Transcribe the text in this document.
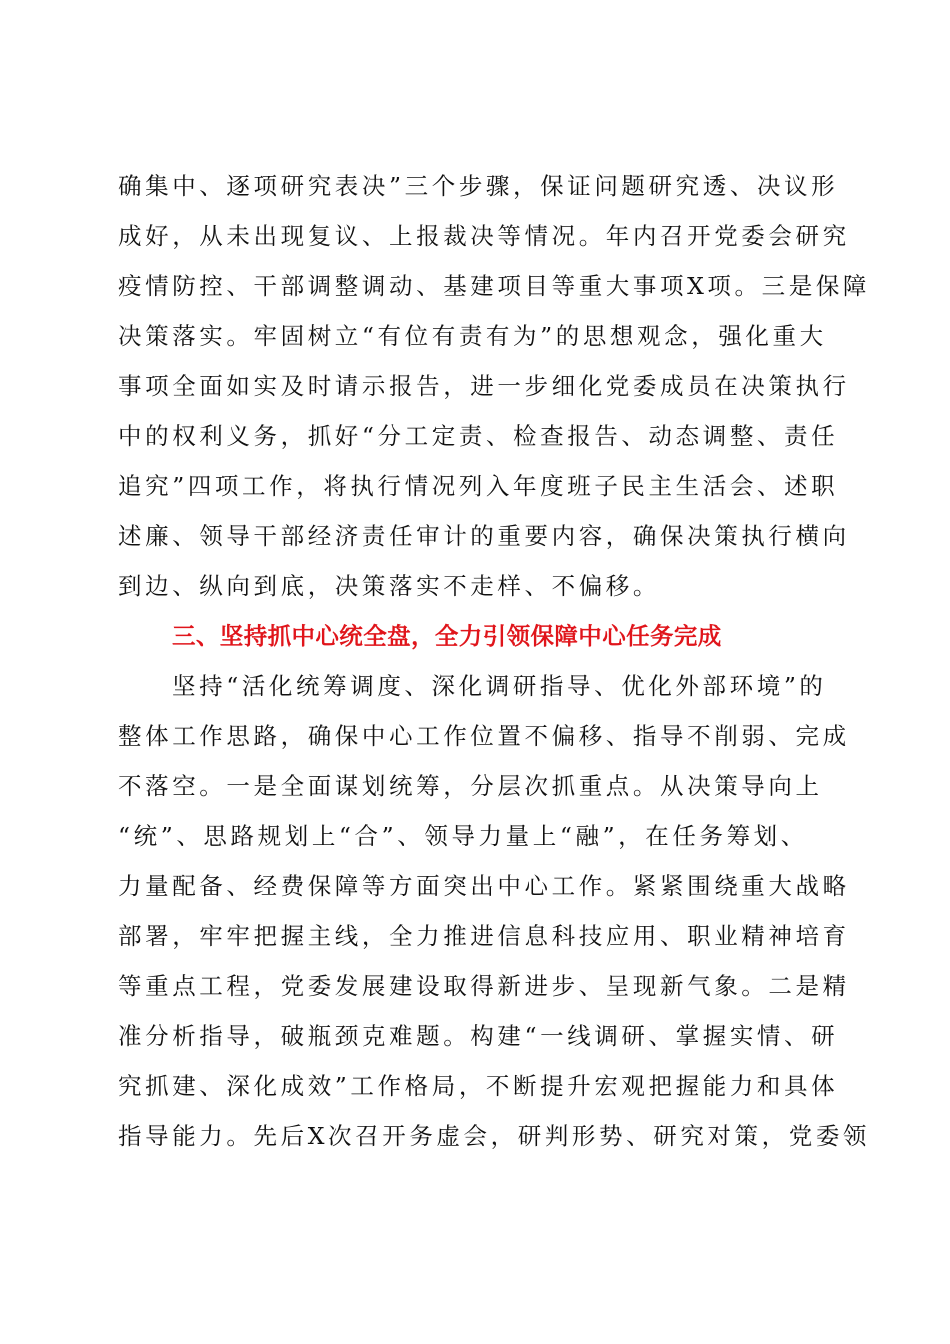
确集中、逐项研究表决”三个步骤，保证问题研究透、决议形
成好，从未出现复议、上报裁决等情况。年内召开党委会研究
疫情防控、干部调整调动、基建项目等重大事项X项。三是保障
决策落实。牢固树立“有位有责有为”的思想观念，强化重大
事项全面如实及时请示报告，进一步细化党委成员在决策执行
中的权利义务，抓好“分工定责、检查报告、动态调整、责任
追究”四项工作，将执行情况列入年度班子民主生活会、述职
述廉、领导干部经济责任审计的重要内容，确保决策执行横向
到边、纵向到底，决策落实不走样、不偏移。
三、坚持抓中心统全盘，全力引领保障中心任务完成
坚持“活化统筹调度、深化调研指导、优化外部环境”的
整体工作思路，确保中心工作位置不偏移、指导不削弱、完成
不落空。一是全面谋划统筹，分层次抓重点。从决策导向上
“统”、思路规划上“合”、领导力量上“融”，在任务筹划、
力量配备、经费保障等方面突出中心工作。紧紧围绕重大战略
部署，牢牢把握主线，全力推进信息科技应用、职业精神培育
等重点工程，党委发展建设取得新进步、呈现新气象。二是精
准分析指导，破瓶颈克难题。构建“一线调研、掌握实情、研
究抓建、深化成效”工作格局，不断提升宏观把握能力和具体
指导能力。先后X次召开务虚会，研判形势、研究对策，党委领
